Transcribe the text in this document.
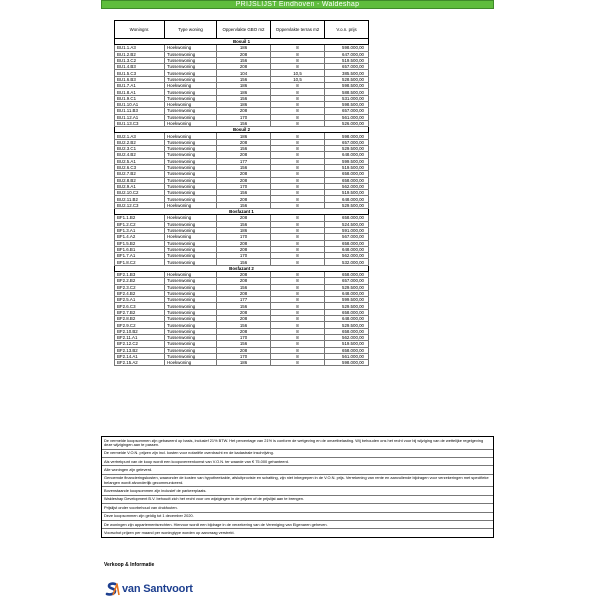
PRIJSLIJST Eindhoven - Waldeshap
Woningnr.	Type woning	Oppervlakte GBO m2	Oppervlakte terras m2	V.o.n. prijs
Bosuil 1				
BU1.1.A3	Hoekwoning	186	8	598.000,00
BU1.2.B2	Tussenwoning	208	8	647.000,00
BU1.3.C2	Tussenwoning	156	8	519.500,00
BU1.4.B3	Tussenwoning	208	8	657.000,00
BU1.5.C3	Tussenwoning	104	10,5	385.500,00
BU1.6.B3	Tussenwoning	156	10,5	528.500,00
BU1.7.A1	Hoekwoning	186	8	598.500,00
BU1.8.A1	Tussenwoning	186	8	588.500,00
BU1.9.C1	Tussenwoning	156	8	531.000,00
BU1.10.A1	Hoekwoning	186	8	598.500,00
BU1.11.B3	Tussenwoning	208	8	657.000,00
BU1.12.A1	Tussenwoning	170	8	561.000,00
BU1.13.C3	Hoekwoning	156	8	526.000,00
Bosuil 2				
BU2.1.A3	Hoekwoning	186	8	598.000,00
BU2.2.B2	Tussenwoning	208	8	657.000,00
BU2.3.C1	Tussenwoning	156	8	529.500,00
BU2.4.B2	Tussenwoning	208	8	648.000,00
BU2.5.A1	Tussenwoning	177	8	599.500,00
BU2.6.C3	Tussenwoning	156	8	519.500,00
BU2.7.B2	Tussenwoning	208	8	658.000,00
BU2.8.B2	Tussenwoning	208	8	658.000,00
BU2.9.A1	Tussenwoning	170	8	562.000,00
BU2.10.C2	Tussenwoning	156	8	519.500,00
BU2.11.B2	Tussenwoning	208	8	648.000,00
BU2.12.C3	Hoekwoning	156	8	529.500,00
Bosfazant 1				
BF1.1.B2	Hoekwoning	208	8	658.000,00
BF1.2.C2	Tussenwoning	156	8	524.500,00
BF1.3.A1	Tussenwoning	186	8	591.000,00
BF1.4.A2	Hoekwoning	170	8	567.000,00
BF1.5.B2	Tussenwoning	208	8	658.000,00
BF1.6.B1	Tussenwoning	208	8	648.000,00
BF1.7.A1	Tussenwoning	170	8	562.000,00
BF1.8.C2	Tussenwoning	156	8	532.000,00
Bosfazant 2				
BF2.1.B3	Hoekwoning	208	8	658.000,00
BF2.2.B2	Tussenwoning	208	8	657.000,00
BF2.3.C2	Tussenwoning	156	8	529.500,00
BF2.4.B2	Tussenwoning	208	8	648.000,00
BF2.5.A1	Tussenwoning	177	8	599.500,00
BF2.6.C3	Tussenwoning	156	8	529.500,00
BF2.7.B2	Tussenwoning	208	8	658.000,00
BF2.8.B2	Tussenwoning	208	8	648.000,00
BF2.9.C2	Tussenwoning	156	8	529.500,00
BF2.10.B2	Tussenwoning	208	8	658.000,00
BF2.11.A1	Tussenwoning	170	8	562.000,00
BF2.12.C2	Tussenwoning	156	8	519.500,00
BF2.13.B2	Tussenwoning	208	8	658.000,00
BF2.14.A1	Tussenwoning	170	8	561.000,00
BF2.15.A2	Hoekwoning	186	8	598.000,00
De vermelde koopsommen zijn gebaseerd op basis, inclusief 21% BTW. Het percentage van 21% is conform de wetgeving en de omzetbelasting. Wij behouden ons het recht voor bij wijziging van de wettelijke regelgeving deze wijzigingen aan te passen.
De vermelde V.O.N. prijzen zijn incl. kosten voor notariële overdracht en de kadastrale inschrijving.
Als vertrekpunt van de koop wordt een koopovereenkomst van V.O.N. ter waarde van € 75.000 gehanteerd.
Alle woningen zijn geleverd.
Genoemde financieringskosten, waaronder de kosten van hypotheekakte, afsluitprovisie en schatting, zijn niet inbegrepen in de V.O.N. prijs. Verrekening van rente en aanvullende bijdragen voor verzekeringen met specifieke belangen wordt afzonderlijk gecommuniceerd.
Bovenstaande koopsommen zijn inclusief de parkeerplaats.
Waldeshap Development B.V. behoudt zich het recht voor om wijzigingen in de prijzen of de prijslijst aan te brengen.
Prijslijst onder voorbehoud van drukfouten.
Deze koopsommen zijn geldig tot 1 december 2020.
De woningen zijn appartementsrechten. Hiervoor wordt een bijdrage in de verzekering van de Vereniging van Eigenaren geheven.
Voorschot prijzen per maand per woningtype worden op aanvraag verstrekt.
Verkoop & Informatie
van Santvoort
